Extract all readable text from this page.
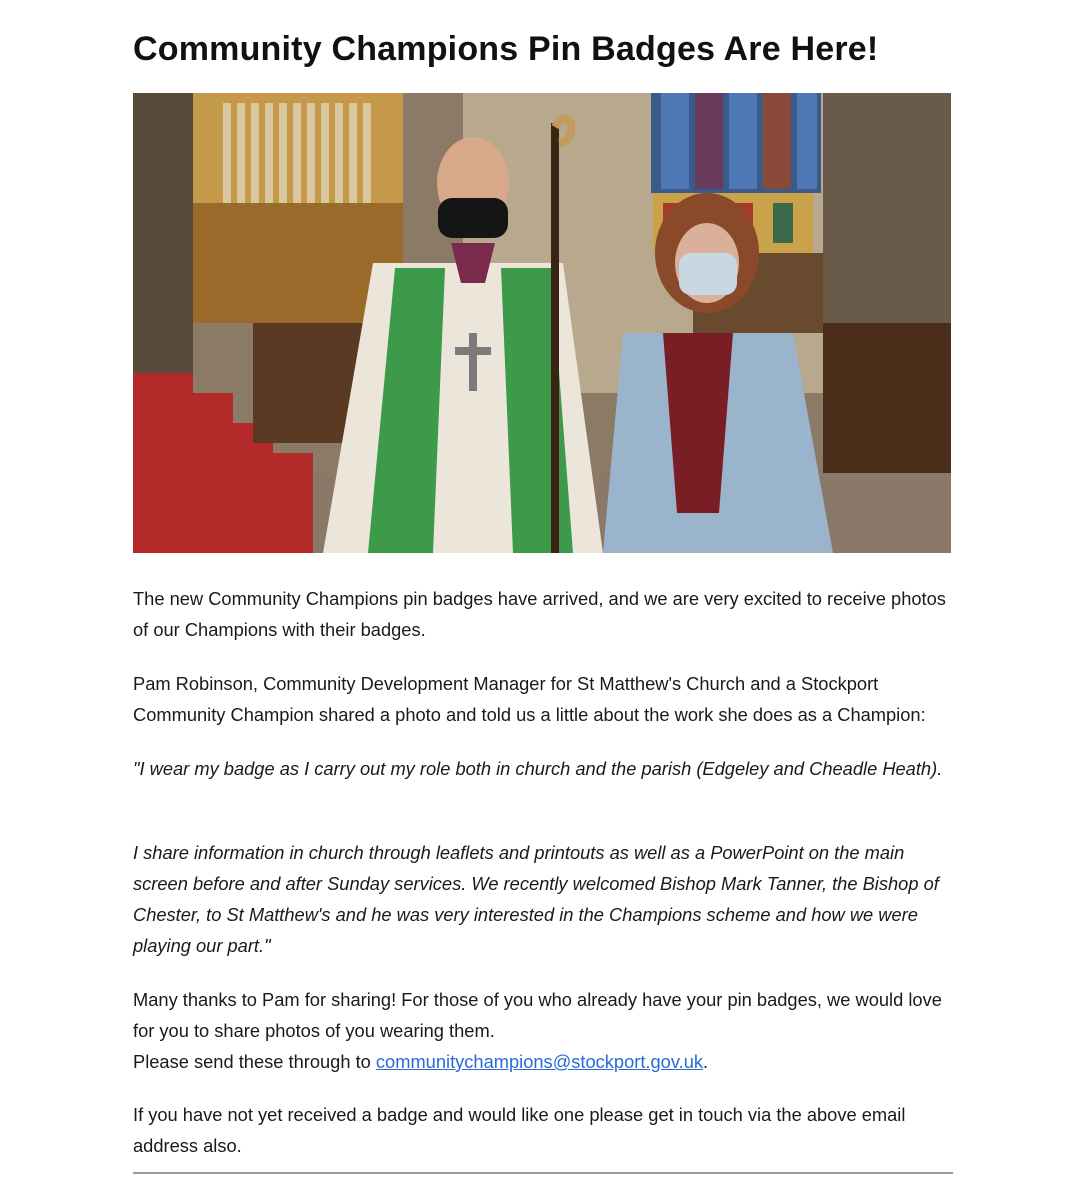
Community Champions Pin Badges Are Here!

The new Community Champions pin badges have arrived, and we are very excited to receive photos of our Champions with their badges.

Pam Robinson, Community Development Manager for St Matthew's Church and a Stockport Community Champion shared a photo and told us a little about the work she does as a Champion:

"I wear my badge as I carry out my role both in church and the parish (Edgeley and Cheadle Heath).

I share information in church through leaflets and printouts as well as a PowerPoint on the main screen before and after Sunday services. We recently welcomed Bishop Mark Tanner, the Bishop of Chester, to St Matthew's and he was very interested in the Champions scheme and how we were playing our part."

Many thanks to Pam for sharing! For those of you who already have your pin badges, we would love for you to share photos of you wearing them.
Please send these through to communitychampions@stockport.gov.uk.

If you have not yet received a badge and would like one please get in touch via the above email address also.
